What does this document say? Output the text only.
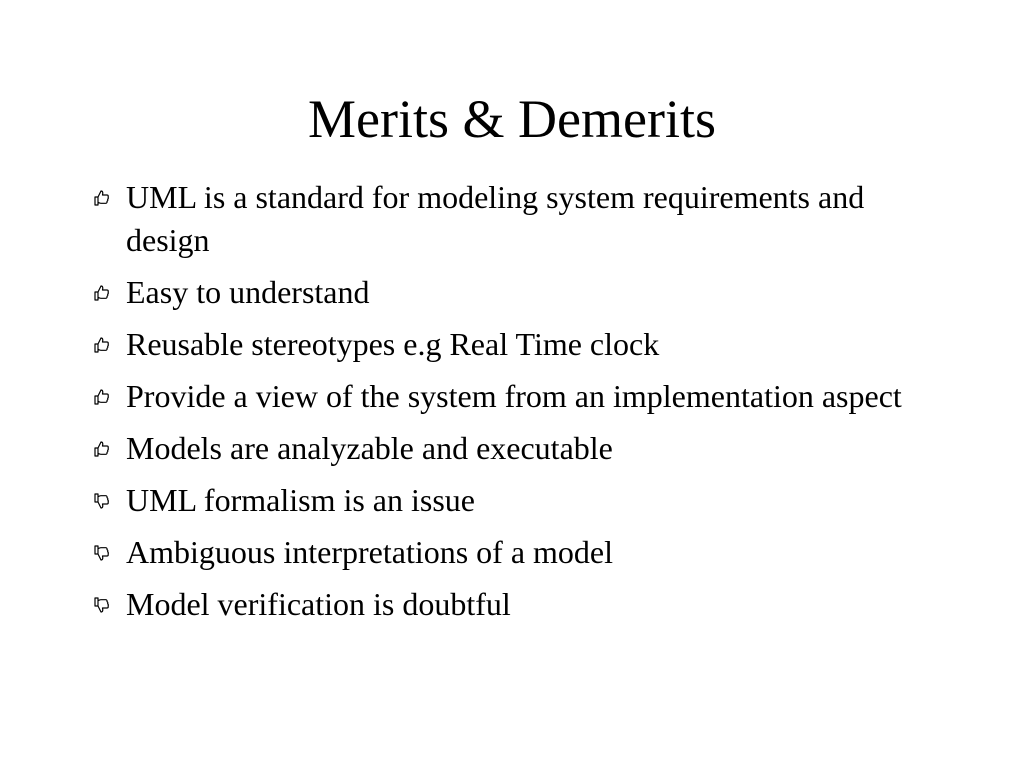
Merits & Demerits
UML is a standard for modeling system requirements and design
Easy to understand
Reusable stereotypes e.g Real Time clock
Provide a view of the system from an implementation aspect
Models are analyzable and executable
UML formalism is an issue
Ambiguous interpretations of a model
Model verification is doubtful
